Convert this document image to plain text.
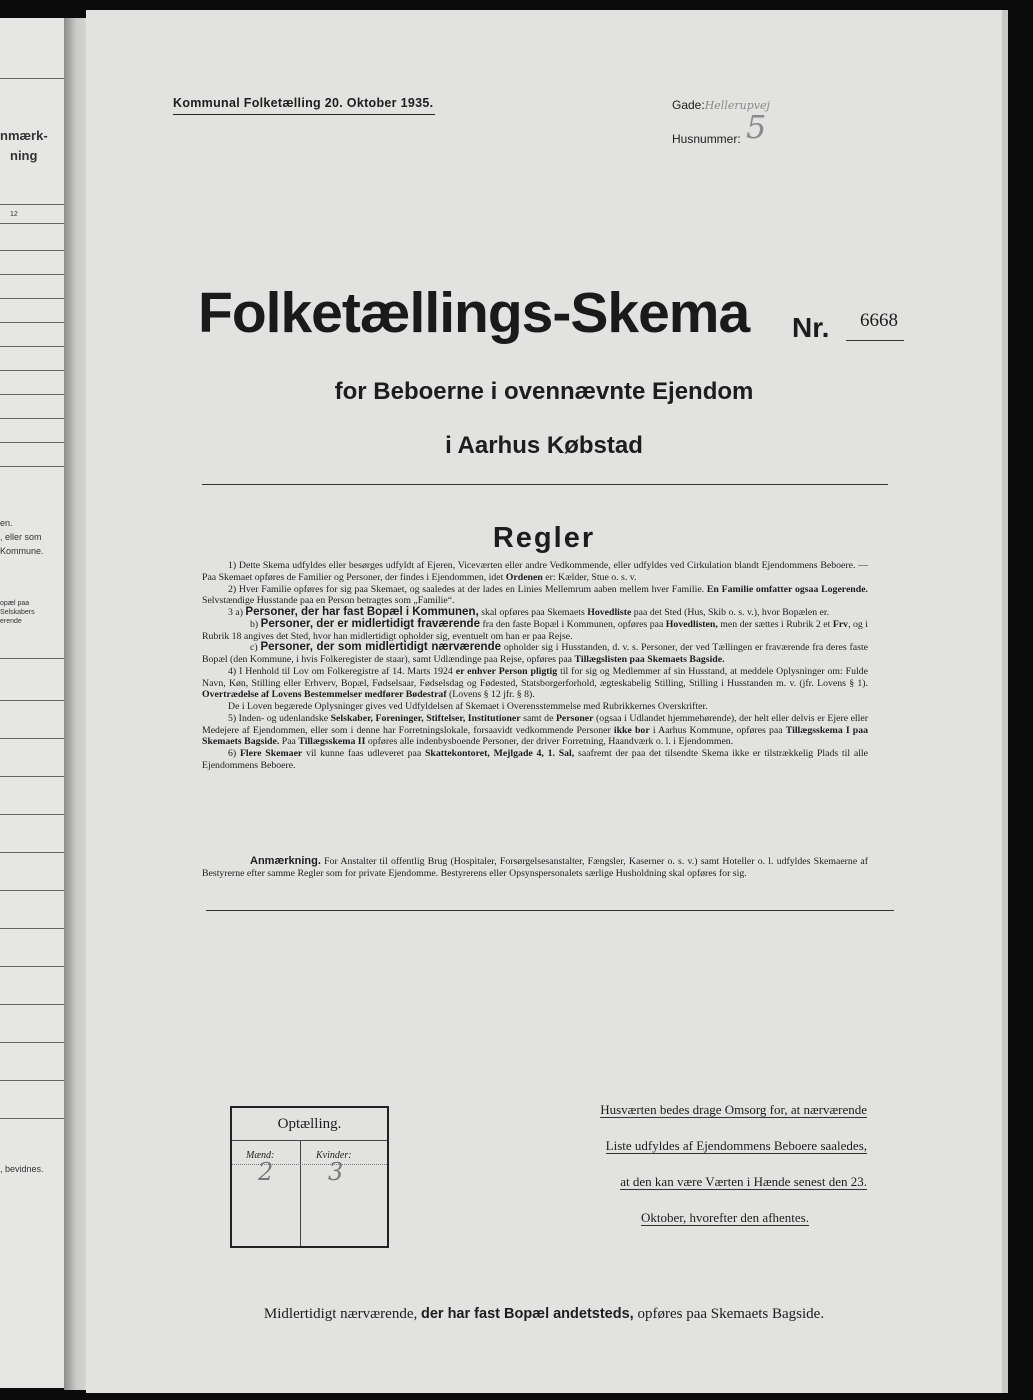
nmærk-
ning
12
en.
, eller som
Kommune.
opæl paa
Selskabers
erende
, bevidnes.
Kommunal Folketælling 20. Oktober 1935.	Gade:Hellerupvej
Husnummer: 5
Folketællings-Skema Nr. 6668
for Beboerne i ovennævnte Ejendom
i Aarhus Købstad
Regler

1) Dette Skema udfyldes eller besørges udfyldt af Ejeren, Viceværten eller andre Vedkommende, eller udfyldes ved Cirkulation blandt Ejendommens Beboere. — Paa Skemaet opføres de Familier og Personer, der findes i Ejendommen, idet Ordenen er: Kælder, Stue o. s. v.

2) Hver Familie opføres for sig paa Skemaet, og saaledes at der lades en Linies Mellemrum aaben mellem hver Familie. En Familie omfatter ogsaa Logerende. Selvstændige Husstande paa en Person betragtes som „Familie“.

3 a) Personer, der har fast Bopæl i Kommunen, skal opføres paa Skemaets Hovedliste paa det Sted (Hus, Skib o. s. v.), hvor Bopælen er.

b) Personer, der er midlertidigt fraværende fra den faste Bopæl i Kommunen, opføres paa Hovedlisten, men der sættes i Rubrik 2 et Frv, og i Rubrik 18 angives det Sted, hvor han midlertidigt opholder sig, eventuelt om han er paa Rejse.

c) Personer, der som midlertidigt nærværende opholder sig i Husstanden, d. v. s. Personer, der ved Tællingen er fraværende fra deres faste Bopæl (den Kommune, i hvis Folkeregister de staar), samt Udlændinge paa Rejse, opføres paa Tillægslisten paa Skemaets Bagside.

4) I Henhold til Lov om Folkeregistre af 14. Marts 1924 er enhver Person pligtig til for sig og Medlemmer af sin Husstand, at meddele Oplysninger om: Fulde Navn, Køn, Stilling eller Erhverv, Bopæl, Fødselsaar, Fødselsdag og Fødested, Statsborgerforhold, ægteskabelig Stilling, Stilling i Husstanden m. v. (jfr. Lovens § 1). Overtrædelse af Lovens Bestemmelser medfører Bødestraf (Lovens § 12 jfr. § 8).

De i Loven begærede Oplysninger gives ved Udfyldelsen af Skemaet i Overensstemmelse med Rubrikkernes Overskrifter.

5) Inden- og udenlandske Selskaber, Foreninger, Stiftelser, Institutioner samt de Personer (ogsaa i Udlandet hjemmehørende), der helt eller delvis er Ejere eller Medejere af Ejendommen, eller som i denne har Forretningslokale, forsaavidt vedkommende Personer ikke bor i Aarhus Kommune, opføres paa Tillægsskema I paa Skemaets Bagside. Paa Tillægsskema II opføres alle indenbysboende Personer, der driver Forretning, Haandværk o. l. i Ejendommen.

6) Flere Skemaer vil kunne faas udleveret paa Skattekontoret, Mejlgade 4, 1. Sal, saafremt der paa det tilsendte Skema ikke er tilstrækkelig Plads til alle Ejendommens Beboere.

Anmærkning. For Anstalter til offentlig Brug (Hospitaler, Forsørgelsesanstalter, Fængsler, Kaserner o. s. v.) samt Hoteller o. l. udfyldes Skemaerne af Bestyrerne efter samme Regler som for private Ejendomme. Bestyrerens eller Opsynspersonalets særlige Husholdning skal opføres for sig.
Optælling.
Mænd:	Kvinder:
2 3
Husværten bedes drage Omsorg for, at nærværende
Liste udfyldes af Ejendommens Beboere saaledes,
at den kan være Værten i Hænde senest den 23.
Oktober, hvorefter den afhentes.
Midlertidigt nærværende, der har fast Bopæl andetsteds, opføres paa Skemaets Bagside.
